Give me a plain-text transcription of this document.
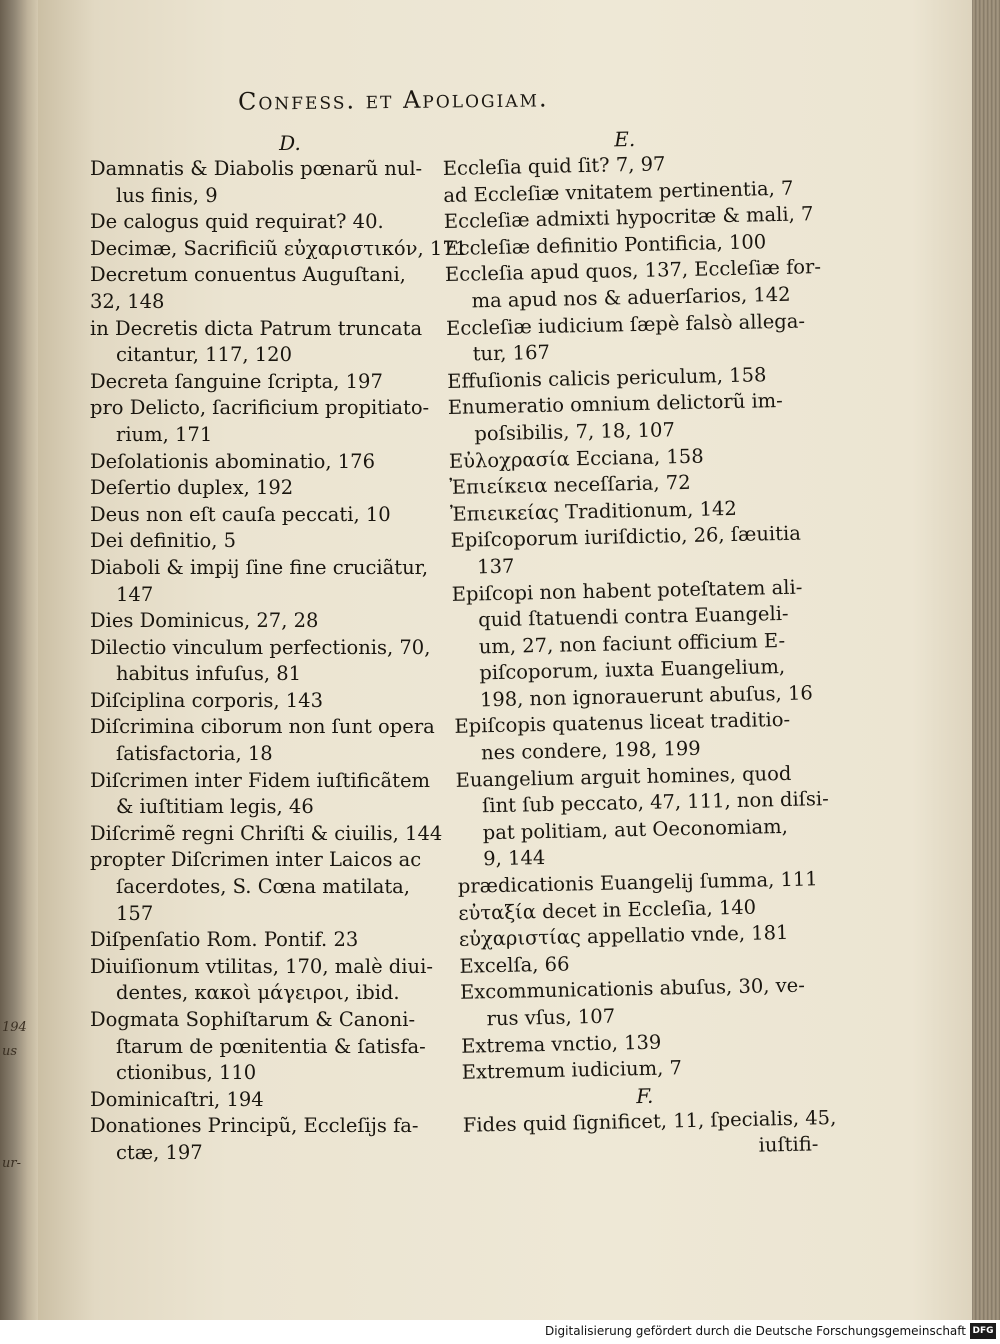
194
us
ur-
Confess. et Apologiam.
D.
Damnatis & Diabolis pœnarũ nul-
lus finis, 9
De calogus quid requirat? 40.
Decimæ, Sacrificiũ εὐχαριστικόν, 171
Decretum conuentus Auguſtani,
32, 148
in Decretis dicta Patrum truncata
citantur, 117, 120
Decreta ſanguine ſcripta, 197
pro Delicto, ſacrificium propitiato-
rium, 171
Deſolationis abominatio, 176
Deſertio duplex, 192
Deus non eſt cauſa peccati, 10
Dei definitio, 5
Diaboli & impij ſine fine cruciãtur,
147
Dies Dominicus, 27, 28
Dilectio vinculum perfectionis, 70,
habitus infuſus, 81
Diſciplina corporis, 143
Diſcrimina ciborum non ſunt opera
ſatisfactoria, 18
Diſcrimen inter Fidem iuſtificãtem
& iuſtitiam legis, 46
Diſcrimẽ regni Chriſti & ciuilis, 144
propter Diſcrimen inter Laicos ac
ſacerdotes, S. Cœna matilata,
157
Diſpenſatio Rom. Pontif. 23
Diuiſionum vtilitas, 170, malè diui-
dentes, κακοὶ μάγειροι, ibid.
Dogmata Sophiſtarum & Canoni-
ſtarum de pœnitentia & ſatisfa-
ctionibus, 110
Dominicaſtri, 194
Donationes Principũ, Eccleſijs fa-
ctæ, 197
E.
Eccleſia quid ſit? 7, 97
ad Eccleſiæ vnitatem pertinentia, 7
Eccleſiæ admixti hypocritæ & mali, 7
Eccleſiæ definitio Pontificia, 100
Eccleſia apud quos, 137, Eccleſiæ for-
ma apud nos & aduerſarios, 142
Eccleſiæ iudicium ſæpè falsò allega-
tur, 167
Effuſionis calicis periculum, 158
Enumeratio omnium delictorũ im-
poſsibilis, 7, 18, 107
Εὐλοχρασία Ecciana, 158
Ἐπιείκεια neceſſaria, 72
Ἐπιεικείας Traditionum, 142
Epiſcoporum iuriſdictio, 26, ſæuitia
137
Epiſcopi non habent poteſtatem ali-
quid ſtatuendi contra Euangeli-
um, 27, non faciunt officium E-
piſcoporum, iuxta Euangelium,
198, non ignorauerunt abuſus, 16
Epiſcopis quatenus liceat traditio-
nes condere, 198, 199
Euangelium arguit homines, quod
ſint ſub peccato, 47, 111, non diſsi-
pat politiam, aut Oeconomiam,
9, 144
prædicationis Euangelij ſumma, 111
εὐταξία decet in Eccleſia, 140
εὐχαριστίας appellatio vnde, 181
Excelſa, 66
Excommunicationis abuſus, 30, ve-
rus vſus, 107
Extrema vnctio, 139
Extremum iudicium, 7
F.
Fides quid ſignificet, 11, ſpecialis, 45,
iuſtifi-
Digitalisierung gefördert durch die Deutsche Forschungsgemeinschaft DFG
